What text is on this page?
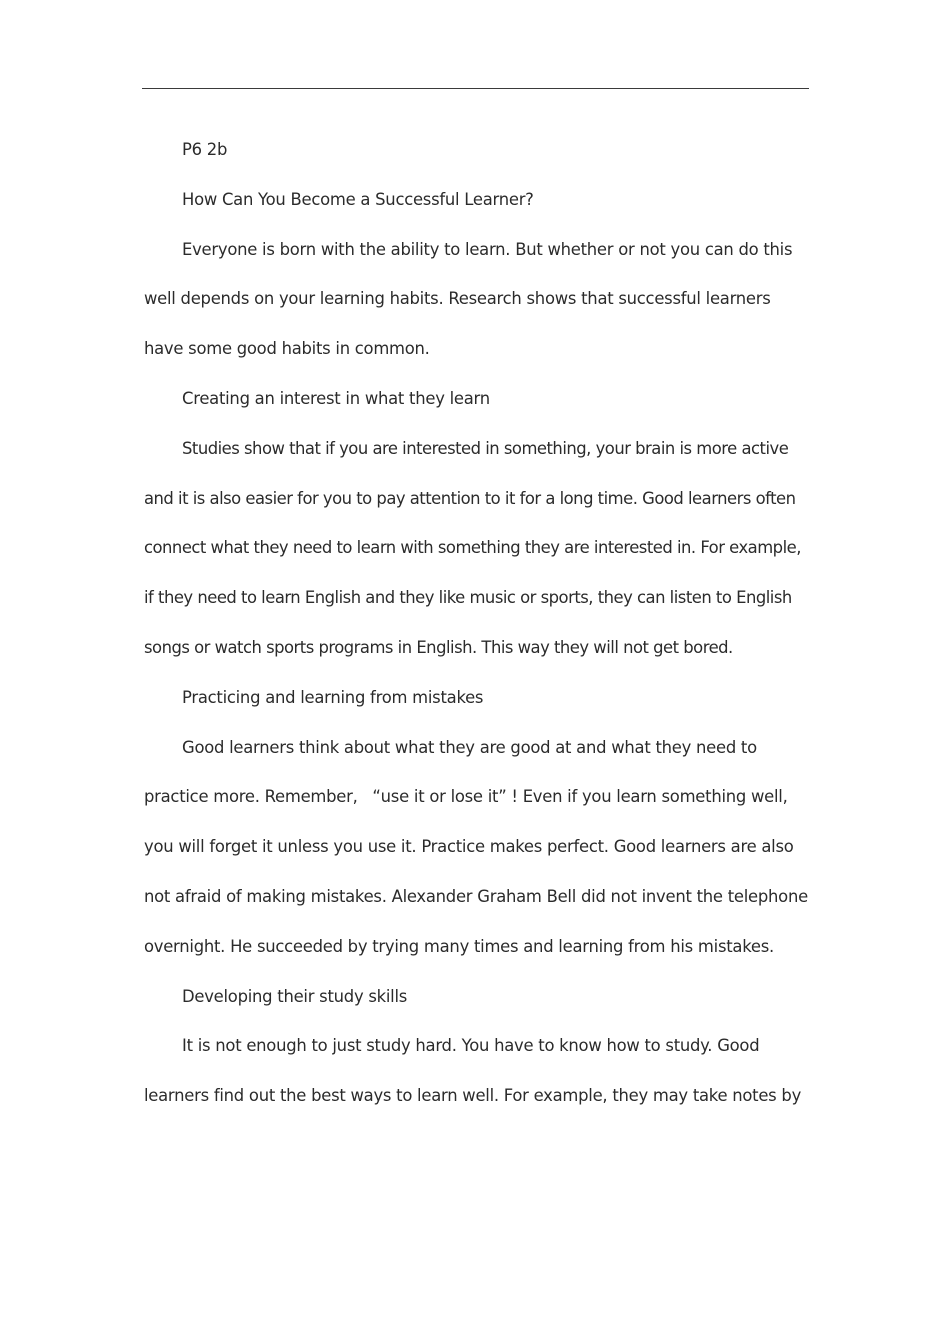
P6 2b

How Can You Become a Successful Learner?

Everyone is born with the ability to learn. But whether or not you can do this well depends on your learning habits. Research shows that successful learners have some good habits in common.

Creating an interest in what they learn

Studies show that if you are interested in something, your brain is more active and it is also easier for you to pay attention to it for a long time. Good learners often connect what they need to learn with something they are interested in. For example, if they need to learn English and they like music or sports, they can listen to English songs or watch sports programs in English. This way they will not get bored.

Practicing and learning from mistakes

Good learners think about what they are good at and what they need to practice more. Remember,   “use it or lose it” ! Even if you learn something well, you will forget it unless you use it. Practice makes perfect. Good learners are also not afraid of making mistakes. Alexander Graham Bell did not invent the telephone overnight. He succeeded by trying many times and learning from his mistakes.

Developing their study skills

It is not enough to just study hard. You have to know how to study. Good learners find out the best ways to learn well. For example, they may take notes by
